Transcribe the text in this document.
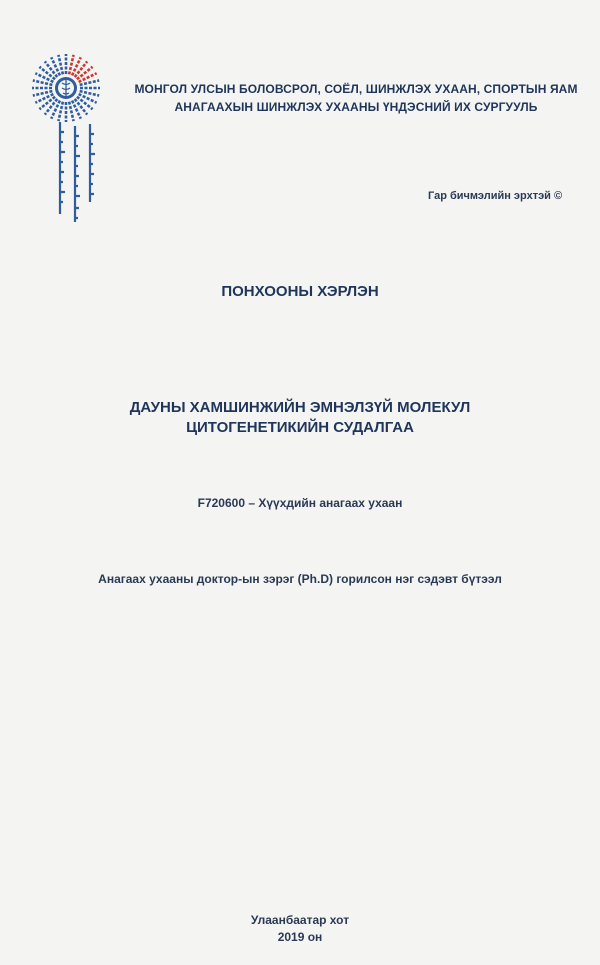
МОНГОЛ УЛСЫН БОЛОВСРОЛ, СОЁЛ, ШИНЖЛЭХ УХААН, СПОРТЫН ЯАМ
АНАГААХЫН ШИНЖЛЭХ УХААНЫ ҮНДЭСНИЙ ИХ СУРГУУЛЬ
Гар бичмэлийн эрхтэй ©
ПОНХООНЫ ХЭРЛЭН
ДАУНЫ ХАМШИНЖИЙН ЭМНЭЛЗҮЙ МОЛЕКУЛ
ЦИТОГЕНЕТИКИЙН СУДАЛГАА
F720600 – Хүүхдийн анагаах ухаан
Анагаах ухааны доктор-ын зэрэг (Ph.D) горилсон нэг сэдэвт бүтээл
Улаанбаатар хот
2019 он
